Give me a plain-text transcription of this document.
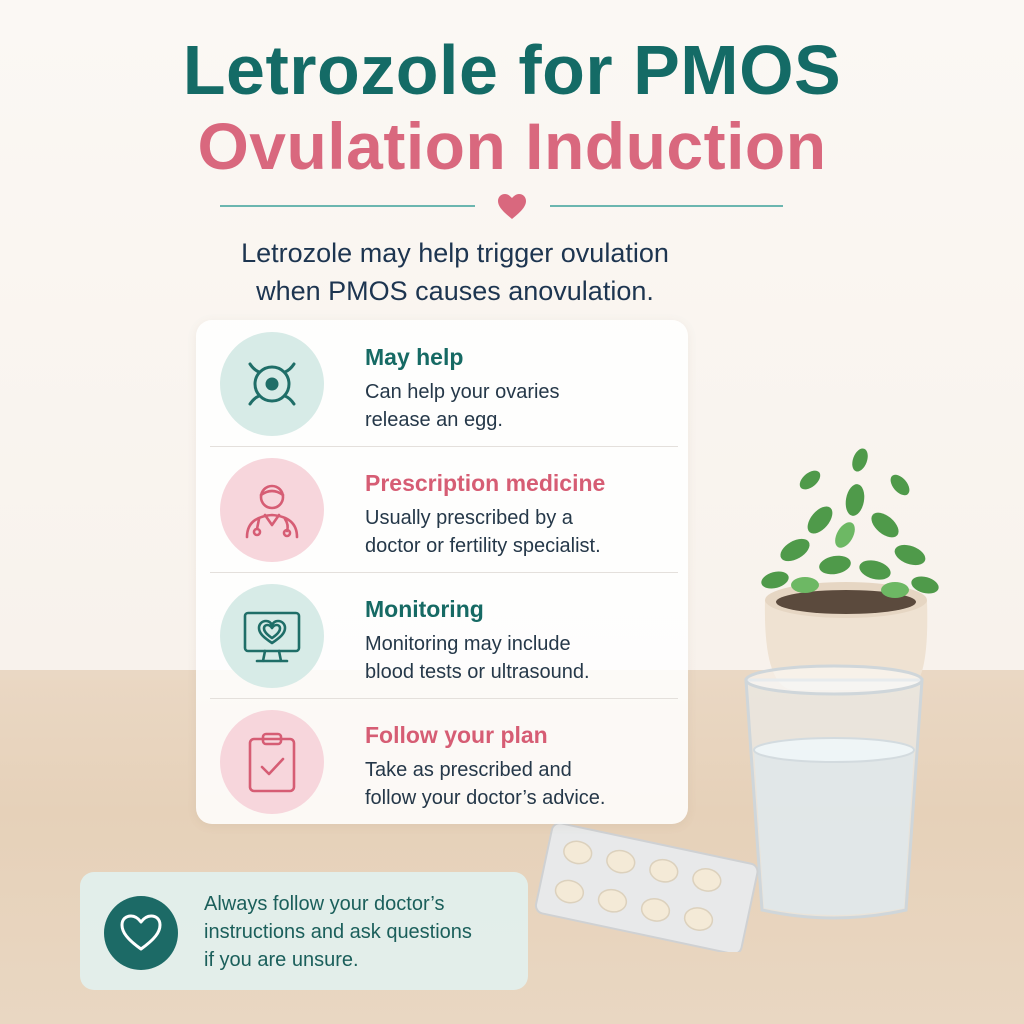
Letrozole for PMOS
Ovulation Induction
Letrozole may help trigger ovulation
when PMOS causes anovulation.
May help
Can help your ovaries
release an egg.
Prescription medicine
Usually prescribed by a
doctor or fertility specialist.
Monitoring
Monitoring may include
blood tests or ultrasound.
Follow your plan
Take as prescribed and
follow your doctor’s advice.
Always follow your doctor’s
instructions and ask questions
if you are unsure.
